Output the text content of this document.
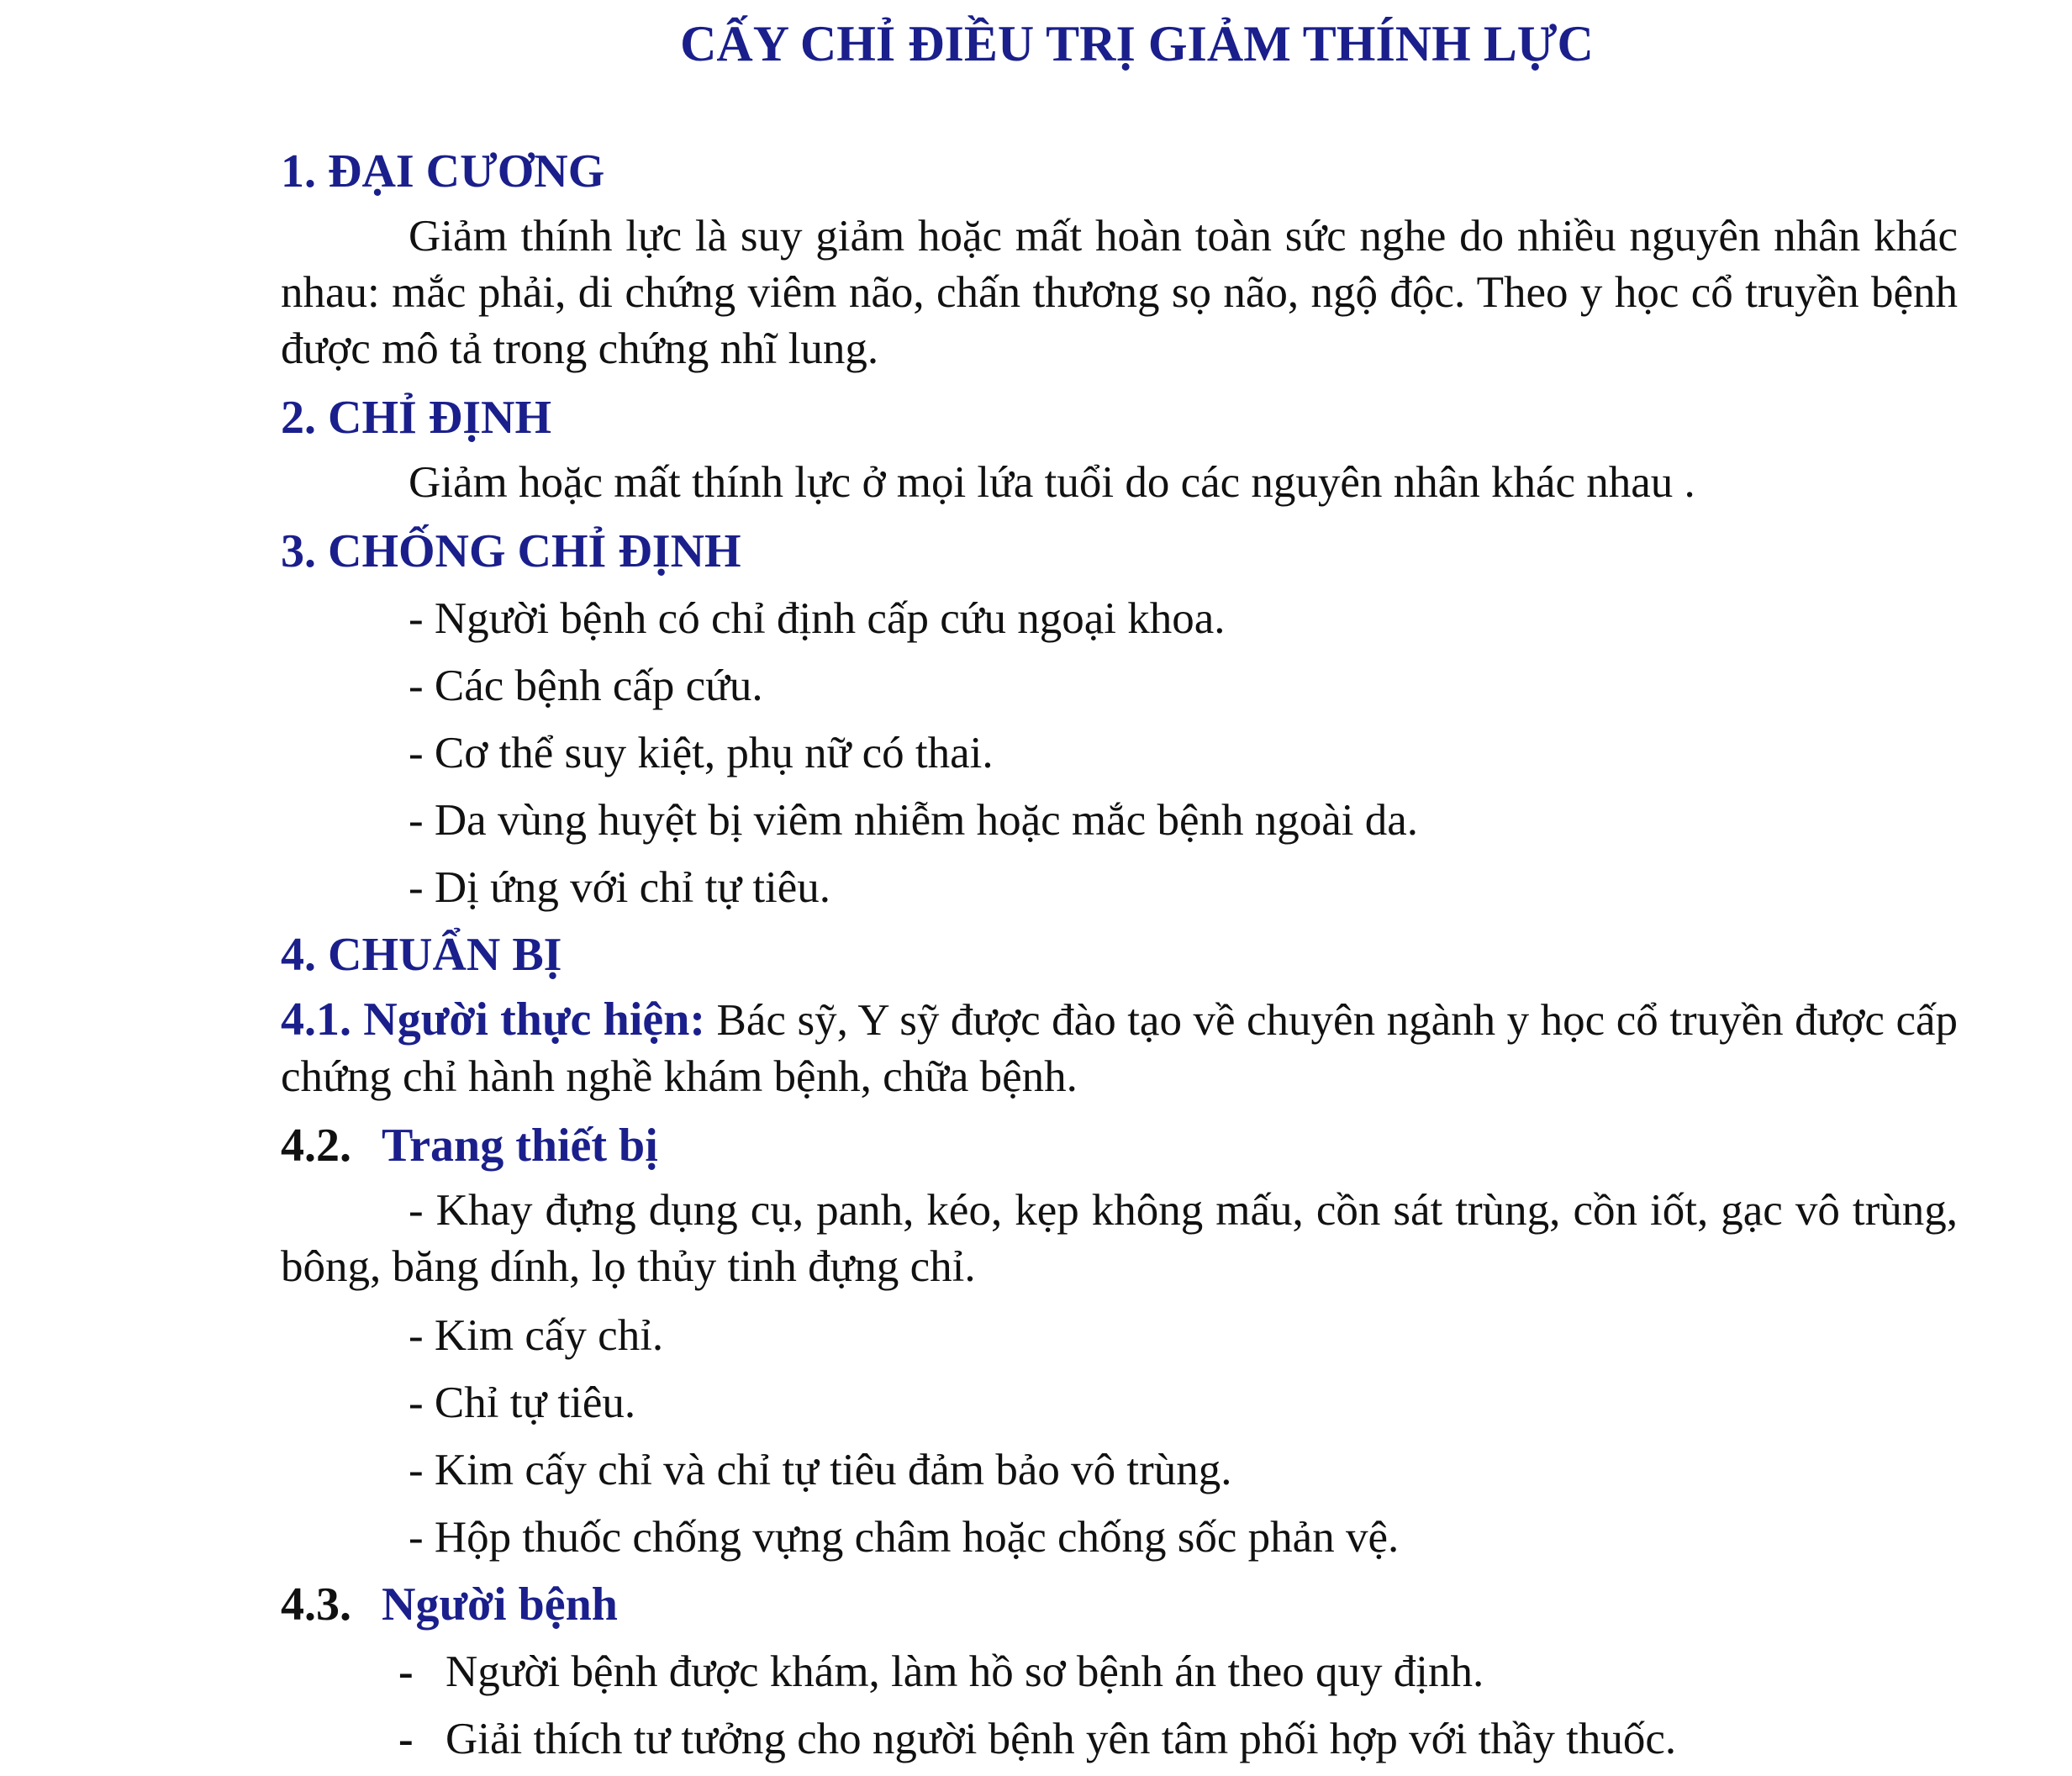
CẤY CHỈ ĐIỀU TRỊ GIẢM THÍNH LỰC
1. ĐẠI CƯƠNG

Giảm thính lực là suy giảm hoặc mất hoàn toàn sức nghe do nhiều nguyên nhân khác nhau: mắc phải, di chứng viêm não, chấn thương sọ não, ngộ độc. Theo y học cổ truyền bệnh được mô tả trong chứng nhĩ lung.

2. CHỈ ĐỊNH

Giảm hoặc mất thính lực ở mọi lứa tuổi do các nguyên nhân khác nhau .

3. CHỐNG CHỈ ĐỊNH
- Người bệnh có chỉ định cấp cứu ngoại khoa.
- Các bệnh cấp cứu.
- Cơ thể suy kiệt, phụ nữ có thai.
- Da vùng huyệt bị viêm nhiễm hoặc mắc bệnh ngoài da.
- Dị ứng với chỉ tự tiêu.
4. CHUẨN BỊ

4.1. Người thực hiện: Bác sỹ, Y sỹ được đào tạo về chuyên ngành y học cổ truyền được cấp chứng chỉ hành nghề khám bệnh, chữa bệnh.

4.2. Trang thiết bị

- Khay đựng dụng cụ, panh, kéo, kẹp không mấu, cồn sát trùng, cồn iốt, gạc vô trùng, bông, băng dính, lọ thủy tinh đựng chỉ.

- Kim cấy chỉ.
- Chỉ tự tiêu.
- Kim cấy chỉ và chỉ tự tiêu đảm bảo vô trùng.
- Hộp thuốc chống vựng châm hoặc chống sốc phản vệ.
4.3. Người bệnh
- Người bệnh được khám, làm hồ sơ bệnh án theo quy định.
- Giải thích tư tưởng cho người bệnh yên tâm phối hợp với thầy thuốc.
